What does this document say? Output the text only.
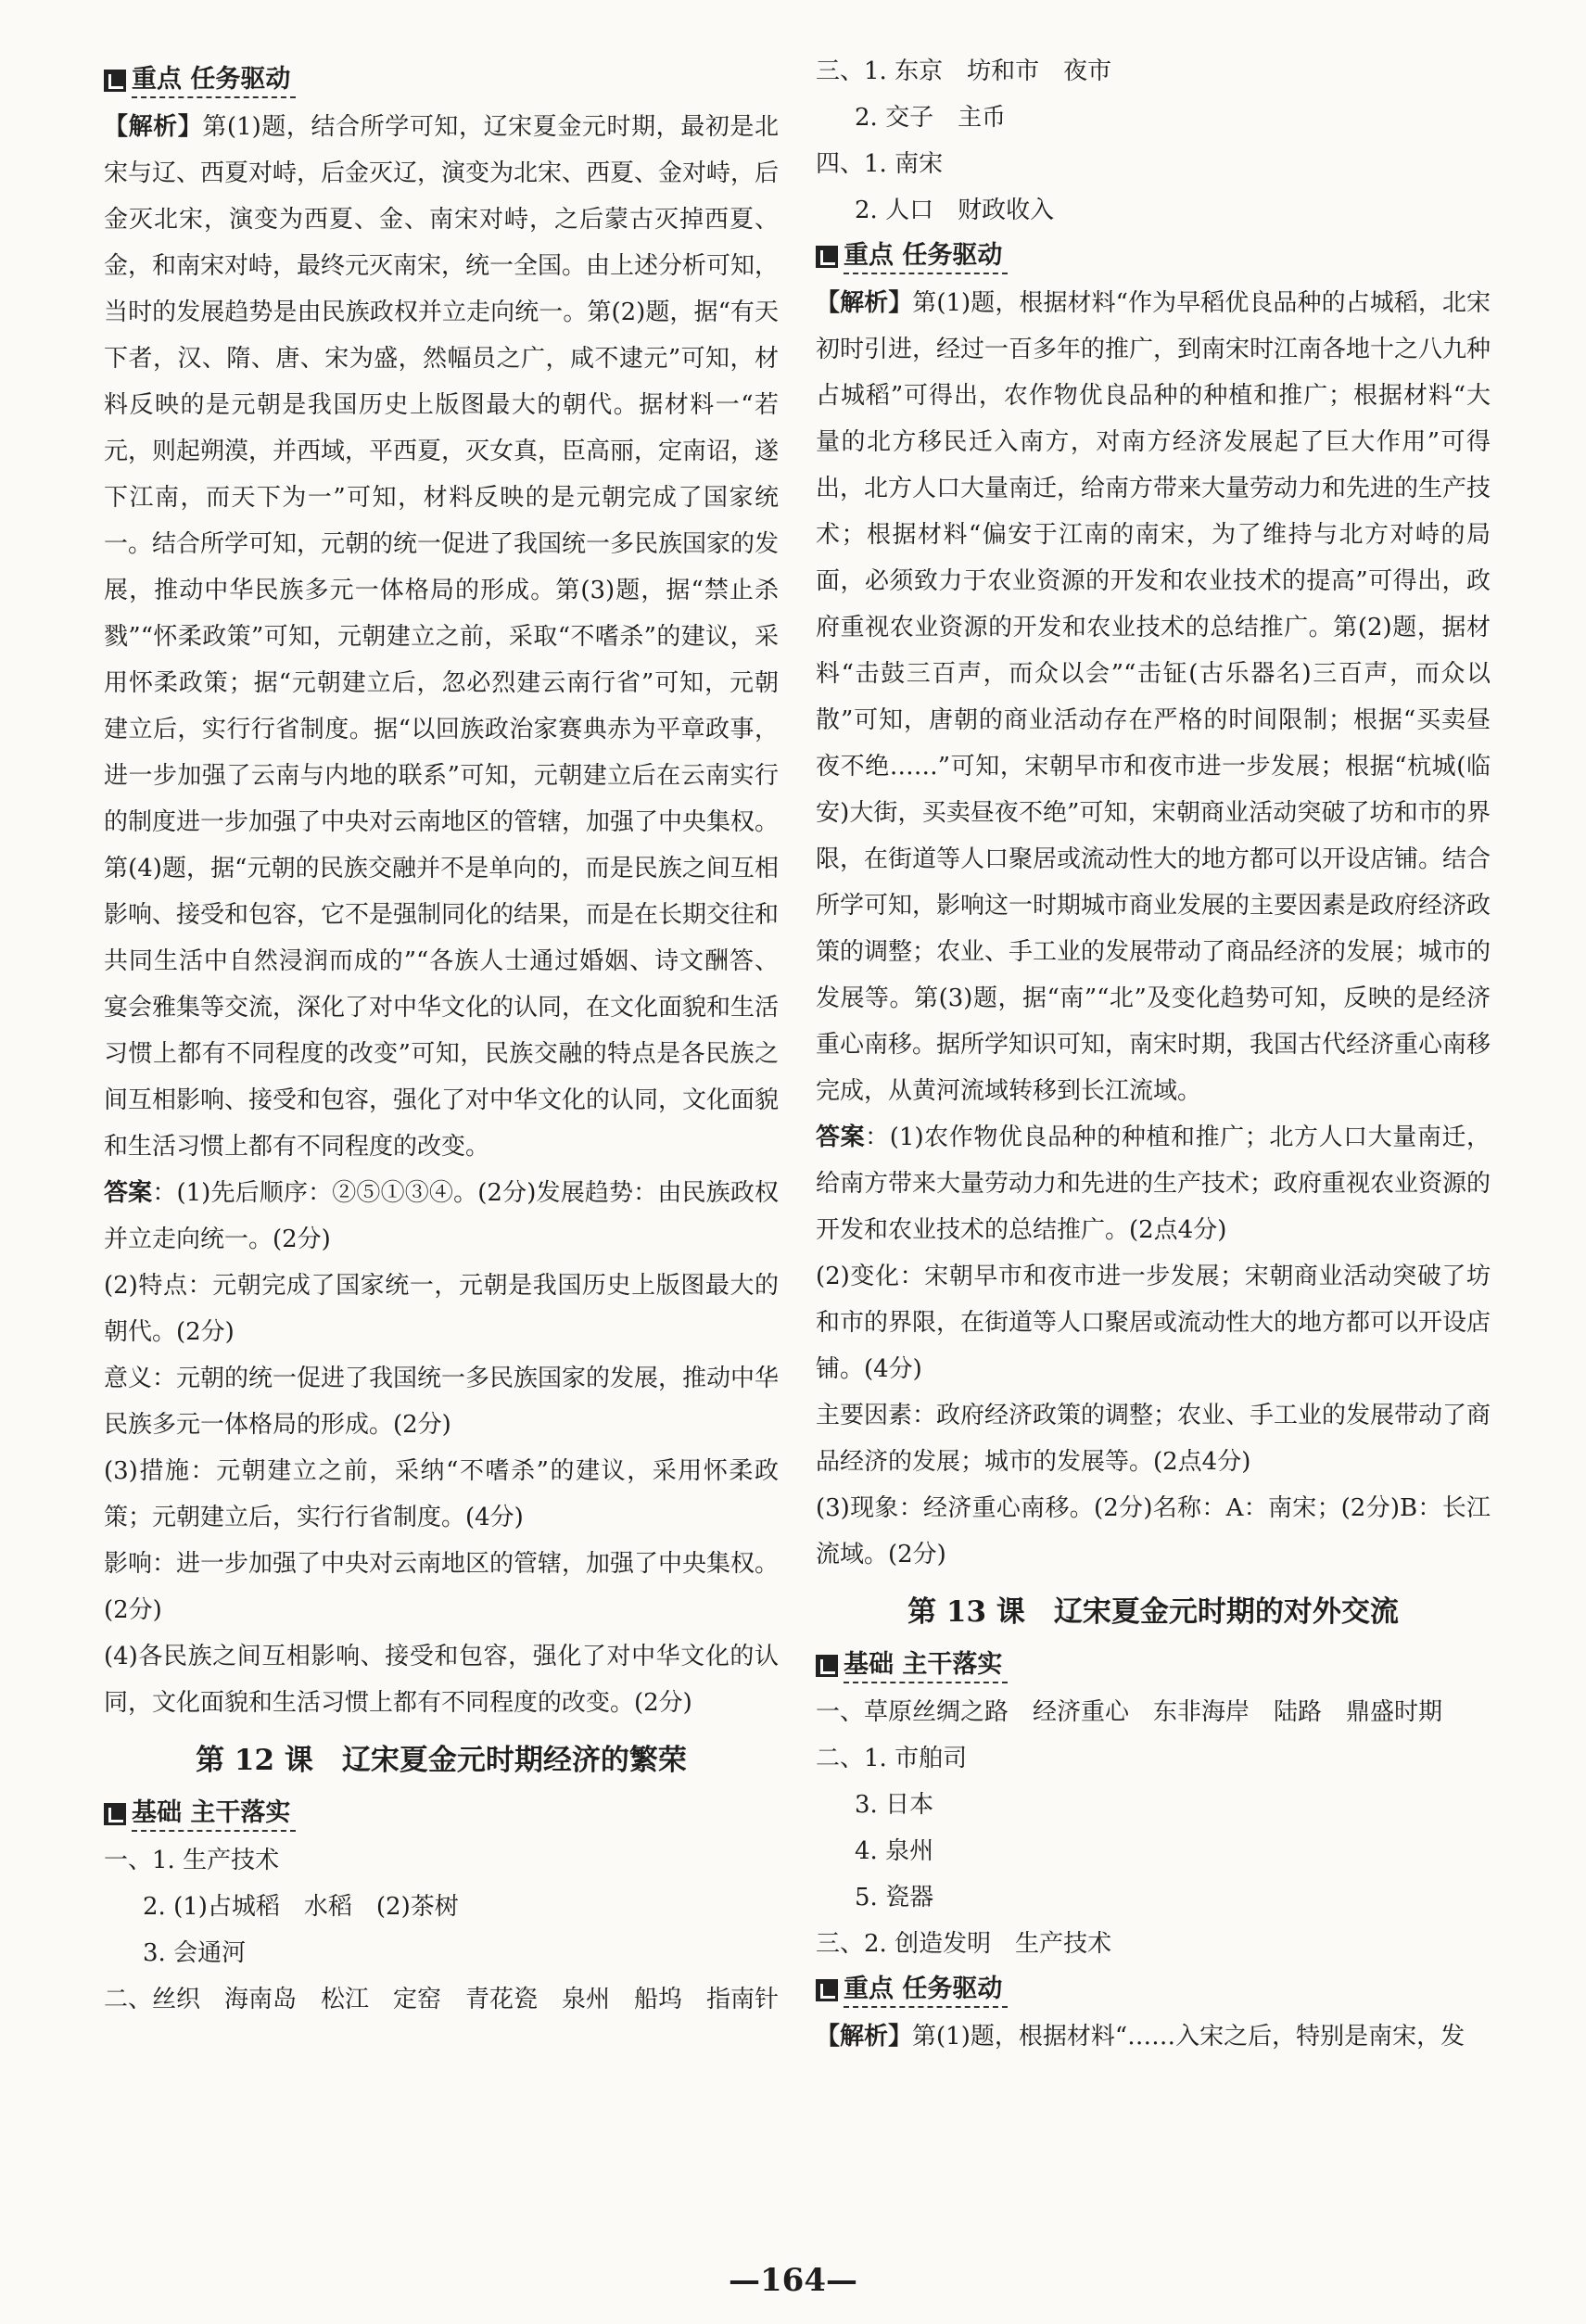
重点 任务驱动

【解析】第(1)题，结合所学可知，辽宋夏金元时期，最初是北宋与辽、西夏对峙，后金灭辽，演变为北宋、西夏、金对峙，后金灭北宋，演变为西夏、金、南宋对峙，之后蒙古灭掉西夏、金，和南宋对峙，最终元灭南宋，统一全国。由上述分析可知，当时的发展趋势是由民族政权并立走向统一。第(2)题，据“有天下者，汉、隋、唐、宋为盛，然幅员之广，咸不逮元”可知，材料反映的是元朝是我国历史上版图最大的朝代。据材料一“若元，则起朔漠，并西域，平西夏，灭女真，臣高丽，定南诏，遂下江南，而天下为一”可知，材料反映的是元朝完成了国家统一。结合所学可知，元朝的统一促进了我国统一多民族国家的发展，推动中华民族多元一体格局的形成。第(3)题，据“禁止杀戮”“怀柔政策”可知，元朝建立之前，采取“不嗜杀”的建议，采用怀柔政策；据“元朝建立后，忽必烈建云南行省”可知，元朝建立后，实行行省制度。据“以回族政治家赛典赤为平章政事，进一步加强了云南与内地的联系”可知，元朝建立后在云南实行的制度进一步加强了中央对云南地区的管辖，加强了中央集权。第(4)题，据“元朝的民族交融并不是单向的，而是民族之间互相影响、接受和包容，它不是强制同化的结果，而是在长期交往和共同生活中自然浸润而成的”“各族人士通过婚姻、诗文酬答、宴会雅集等交流，深化了对中华文化的认同，在文化面貌和生活习惯上都有不同程度的改变”可知，民族交融的特点是各民族之间互相影响、接受和包容，强化了对中华文化的认同，文化面貌和生活习惯上都有不同程度的改变。

答案：(1)先后顺序：②⑤①③④。(2分)发展趋势：由民族政权并立走向统一。(2分)

(2)特点：元朝完成了国家统一，元朝是我国历史上版图最大的朝代。(2分)

意义：元朝的统一促进了我国统一多民族国家的发展，推动中华民族多元一体格局的形成。(2分)

(3)措施：元朝建立之前，采纳“不嗜杀”的建议，采用怀柔政策；元朝建立后，实行行省制度。(4分)

影响：进一步加强了中央对云南地区的管辖，加强了中央集权。(2分)

(4)各民族之间互相影响、接受和包容，强化了对中华文化的认同，文化面貌和生活习惯上都有不同程度的改变。(2分)

第 12 课　辽宋夏金元时期经济的繁荣
基础 主干落实

一、1. 生产技术

2. (1)占城稻　水稻　(2)茶树

3. 会通河

二、丝织　海南岛　松江　定窑　青花瓷　泉州　船坞　指南针

三、1. 东京　坊和市　夜市

2. 交子　主币

四、1. 南宋

2. 人口　财政收入

重点 任务驱动

【解析】第(1)题，根据材料“作为早稻优良品种的占城稻，北宋初时引进，经过一百多年的推广，到南宋时江南各地十之八九种占城稻”可得出，农作物优良品种的种植和推广；根据材料“大量的北方移民迁入南方，对南方经济发展起了巨大作用”可得出，北方人口大量南迁，给南方带来大量劳动力和先进的生产技术；根据材料“偏安于江南的南宋，为了维持与北方对峙的局面，必须致力于农业资源的开发和农业技术的提高”可得出，政府重视农业资源的开发和农业技术的总结推广。第(2)题，据材料“击鼓三百声，而众以会”“击钲(古乐器名)三百声，而众以散”可知，唐朝的商业活动存在严格的时间限制；根据“买卖昼夜不绝……”可知，宋朝早市和夜市进一步发展；根据“杭城(临安)大街，买卖昼夜不绝”可知，宋朝商业活动突破了坊和市的界限，在街道等人口聚居或流动性大的地方都可以开设店铺。结合所学可知，影响这一时期城市商业发展的主要因素是政府经济政策的调整；农业、手工业的发展带动了商品经济的发展；城市的发展等。第(3)题，据“南”“北”及变化趋势可知，反映的是经济重心南移。据所学知识可知，南宋时期，我国古代经济重心南移完成，从黄河流域转移到长江流域。

答案：(1)农作物优良品种的种植和推广；北方人口大量南迁，给南方带来大量劳动力和先进的生产技术；政府重视农业资源的开发和农业技术的总结推广。(2点4分)

(2)变化：宋朝早市和夜市进一步发展；宋朝商业活动突破了坊和市的界限，在街道等人口聚居或流动性大的地方都可以开设店铺。(4分)

主要因素：政府经济政策的调整；农业、手工业的发展带动了商品经济的发展；城市的发展等。(2点4分)

(3)现象：经济重心南移。(2分)名称：A：南宋；(2分)B：长江流域。(2分)

第 13 课　辽宋夏金元时期的对外交流
基础 主干落实

一、草原丝绸之路　经济重心　东非海岸　陆路　鼎盛时期

二、1. 市舶司

3. 日本

4. 泉州

5. 瓷器

三、2. 创造发明　生产技术

重点 任务驱动

【解析】第(1)题，根据材料“……入宋之后，特别是南宋，发

—164—
